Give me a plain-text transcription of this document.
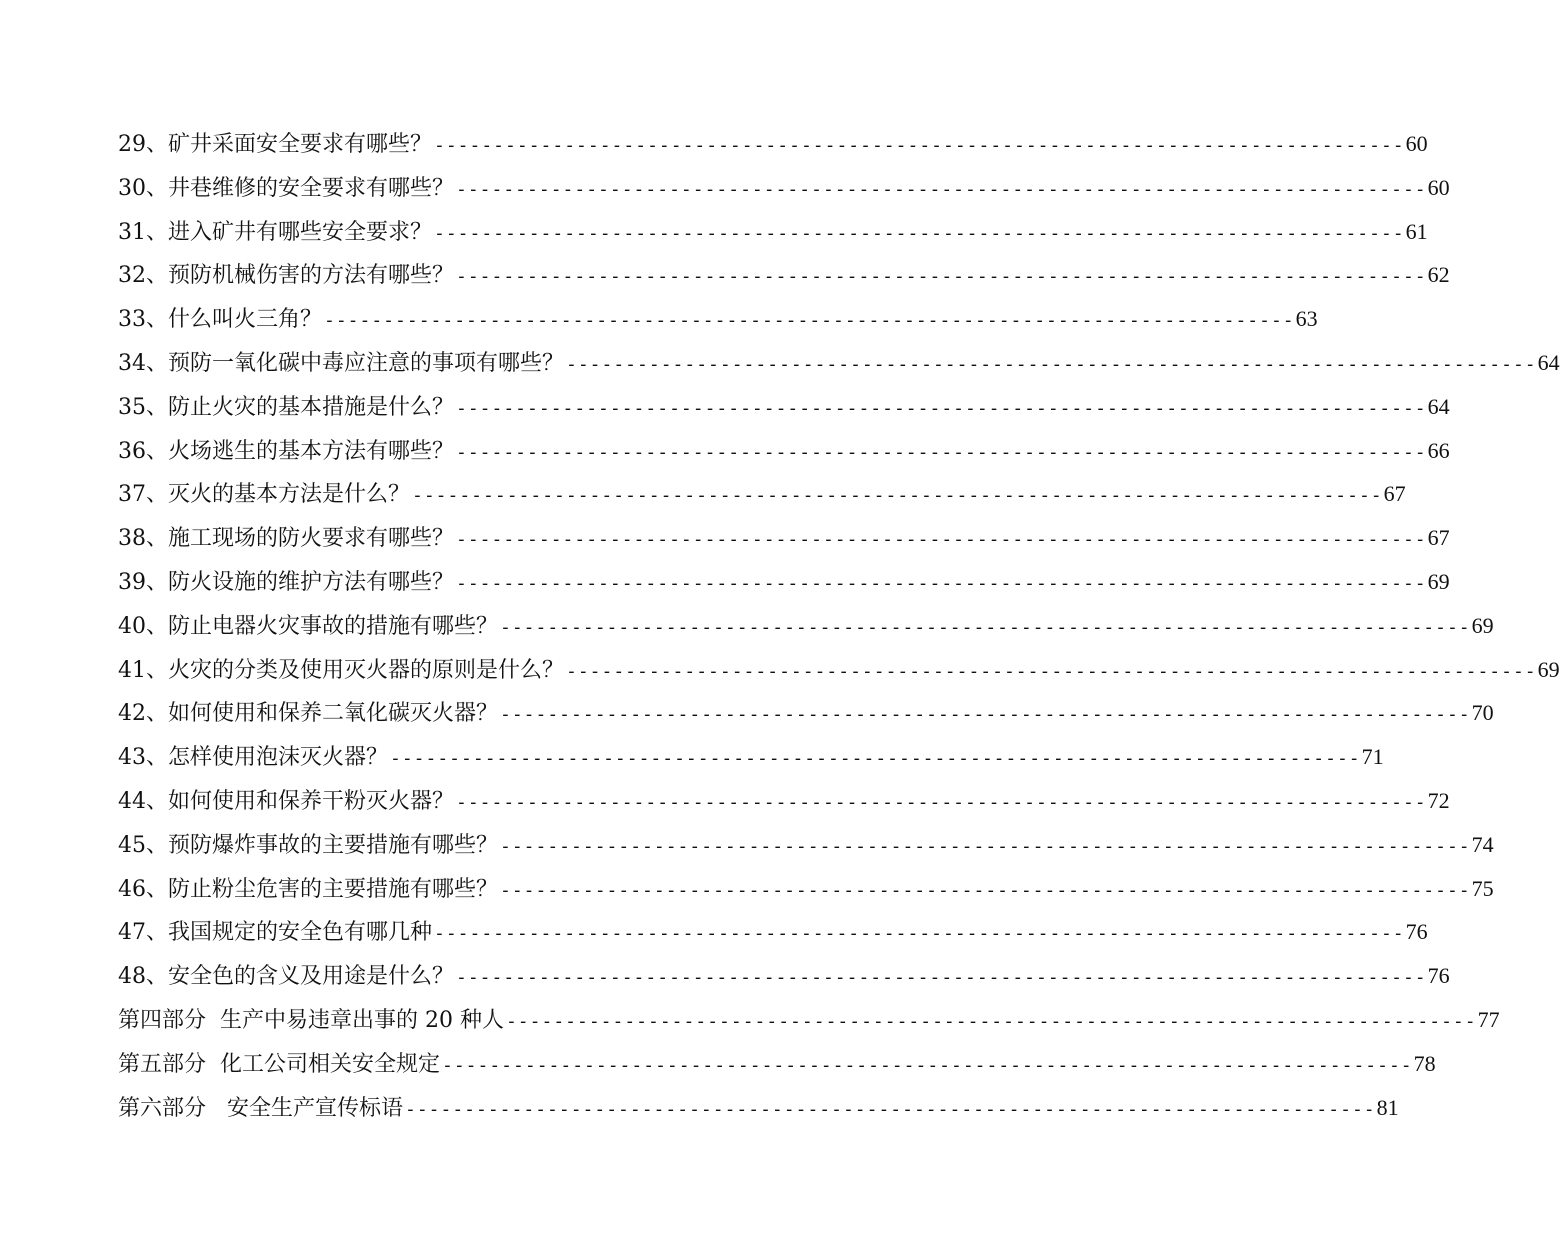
29、矿井采面安全要求有哪些？ ---------------------------------------------------------------------------------- 60
30、井巷维修的安全要求有哪些？ ---------------------------------------------------------------------------------- 60
31、进入矿井有哪些安全要求？ ---------------------------------------------------------------------------------- 61
32、预防机械伤害的方法有哪些？ ---------------------------------------------------------------------------------- 62
33、什么叫火三角？ ---------------------------------------------------------------------------------- 63
34、预防一氧化碳中毒应注意的事项有哪些？ ---------------------------------------------------------------------------------- 64
35、防止火灾的基本措施是什么？ ---------------------------------------------------------------------------------- 64
36、火场逃生的基本方法有哪些？ ---------------------------------------------------------------------------------- 66
37、灭火的基本方法是什么？ ---------------------------------------------------------------------------------- 67
38、施工现场的防火要求有哪些？ ---------------------------------------------------------------------------------- 67
39、防火设施的维护方法有哪些？ ---------------------------------------------------------------------------------- 69
40、防止电器火灾事故的措施有哪些？ ---------------------------------------------------------------------------------- 69
41、火灾的分类及使用灭火器的原则是什么？ ---------------------------------------------------------------------------------- 69
42、如何使用和保养二氧化碳灭火器？ ---------------------------------------------------------------------------------- 70
43、怎样使用泡沫灭火器？ ---------------------------------------------------------------------------------- 71
44、如何使用和保养干粉灭火器？ ---------------------------------------------------------------------------------- 72
45、预防爆炸事故的主要措施有哪些？ ---------------------------------------------------------------------------------- 74
46、防止粉尘危害的主要措施有哪些？ ---------------------------------------------------------------------------------- 75
47、我国规定的安全色有哪几种 ---------------------------------------------------------------------------------- 76
48、安全色的含义及用途是什么？ ---------------------------------------------------------------------------------- 76
第四部分  生产中易违章出事的 20 种人 ---------------------------------------------------------------------------------- 77
第五部分  化工公司相关安全规定 ---------------------------------------------------------------------------------- 78
第六部分   安全生产宣传标语 ---------------------------------------------------------------------------------- 81
